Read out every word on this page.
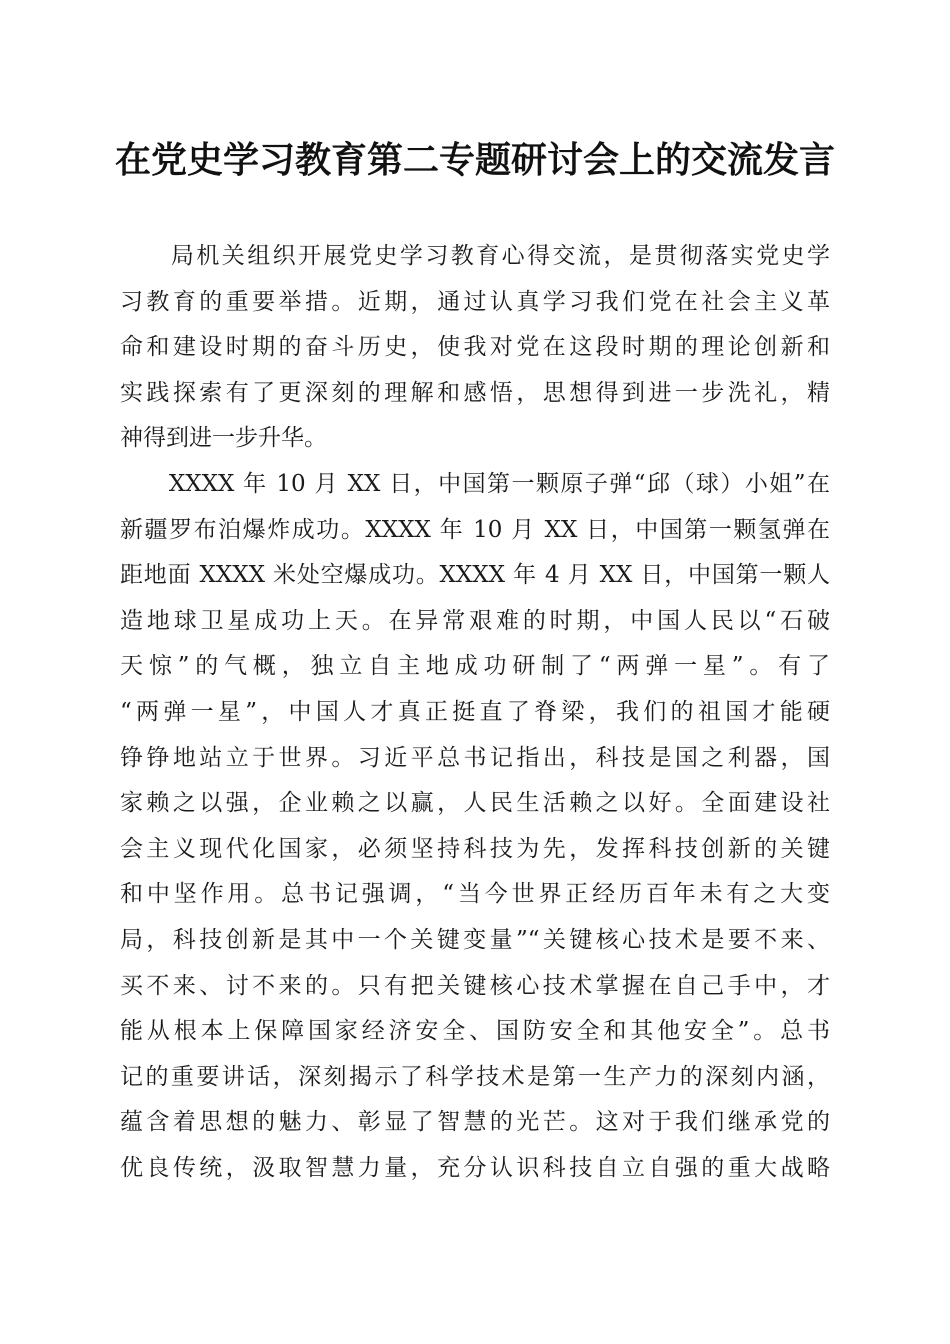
在党史学习教育第二专题研讨会上的交流发言
　　局机关组织开展党史学习教育心得交流，是贯彻落实党史学
习教育的重要举措。近期，通过认真学习我们党在社会主义革
命和建设时期的奋斗历史，使我对党在这段时期的理论创新和
实践探索有了更深刻的理解和感悟，思想得到进一步洗礼，精
神得到进一步升华。
　　XXXX 年 10 月 XX 日，中国第一颗原子弹“邱（球）小姐”在
新疆罗布泊爆炸成功。XXXX 年 10 月 XX 日，中国第一颗氢弹在
距地面 XXXX 米处空爆成功。XXXX 年 4 月 XX 日，中国第一颗人
造地球卫星成功上天。在异常艰难的时期，中国人民以“石破
天惊”的气概，独立自主地成功研制了“两弹一星”。有了
“两弹一星”，中国人才真正挺直了脊梁，我们的祖国才能硬
铮铮地站立于世界。习近平总书记指出，科技是国之利器，国
家赖之以强，企业赖之以赢，人民生活赖之以好。全面建设社
会主义现代化国家，必须坚持科技为先，发挥科技创新的关键
和中坚作用。总书记强调，“当今世界正经历百年未有之大变
局，科技创新是其中一个关键变量”“关键核心技术是要不来、
买不来、讨不来的。只有把关键核心技术掌握在自己手中，才
能从根本上保障国家经济安全、国防安全和其他安全”。总书
记的重要讲话，深刻揭示了科学技术是第一生产力的深刻内涵，
蕴含着思想的魅力、彰显了智慧的光芒。这对于我们继承党的
优良传统，汲取智慧力量，充分认识科技自立自强的重大战略
